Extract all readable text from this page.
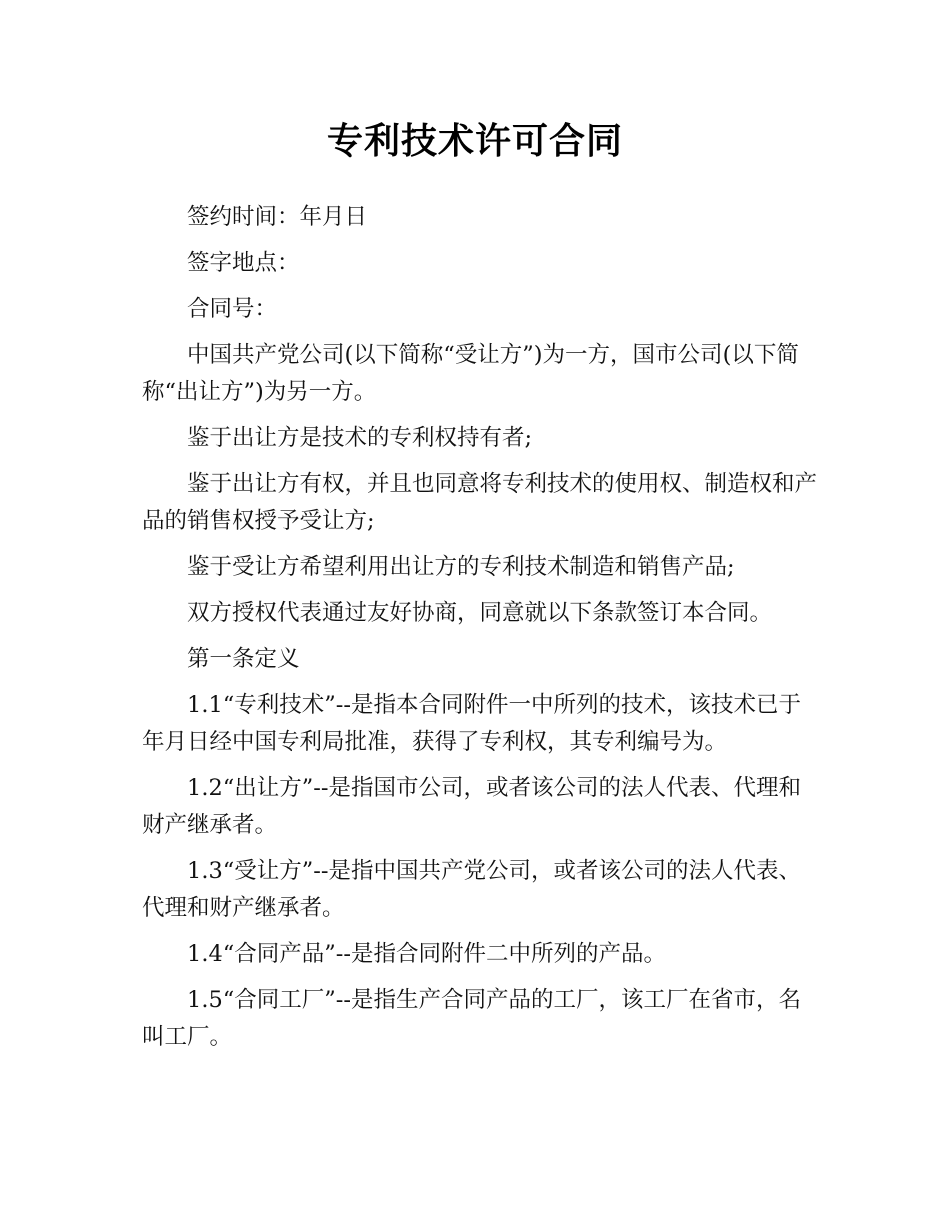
专利技术许可合同

签约时间：年月日

签字地点：

合同号：

中国共产党公司(以下简称“受让方”)为一方，国市公司(以下简称“出让方”)为另一方。

鉴于出让方是技术的专利权持有者;

鉴于出让方有权，并且也同意将专利技术的使用权、制造权和产品的销售权授予受让方;

鉴于受让方希望利用出让方的专利技术制造和销售产品;

双方授权代表通过友好协商，同意就以下条款签订本合同。

第一条定义

1.1“专利技术”--是指本合同附件一中所列的技术，该技术已于年月日经中国专利局批准，获得了专利权，其专利编号为。

1.2“出让方”--是指国市公司，或者该公司的法人代表、代理和财产继承者。

1.3“受让方”--是指中国共产党公司，或者该公司的法人代表、代理和财产继承者。

1.4“合同产品”--是指合同附件二中所列的产品。

1.5“合同工厂”--是指生产合同产品的工厂，该工厂在省市，名叫工厂。
